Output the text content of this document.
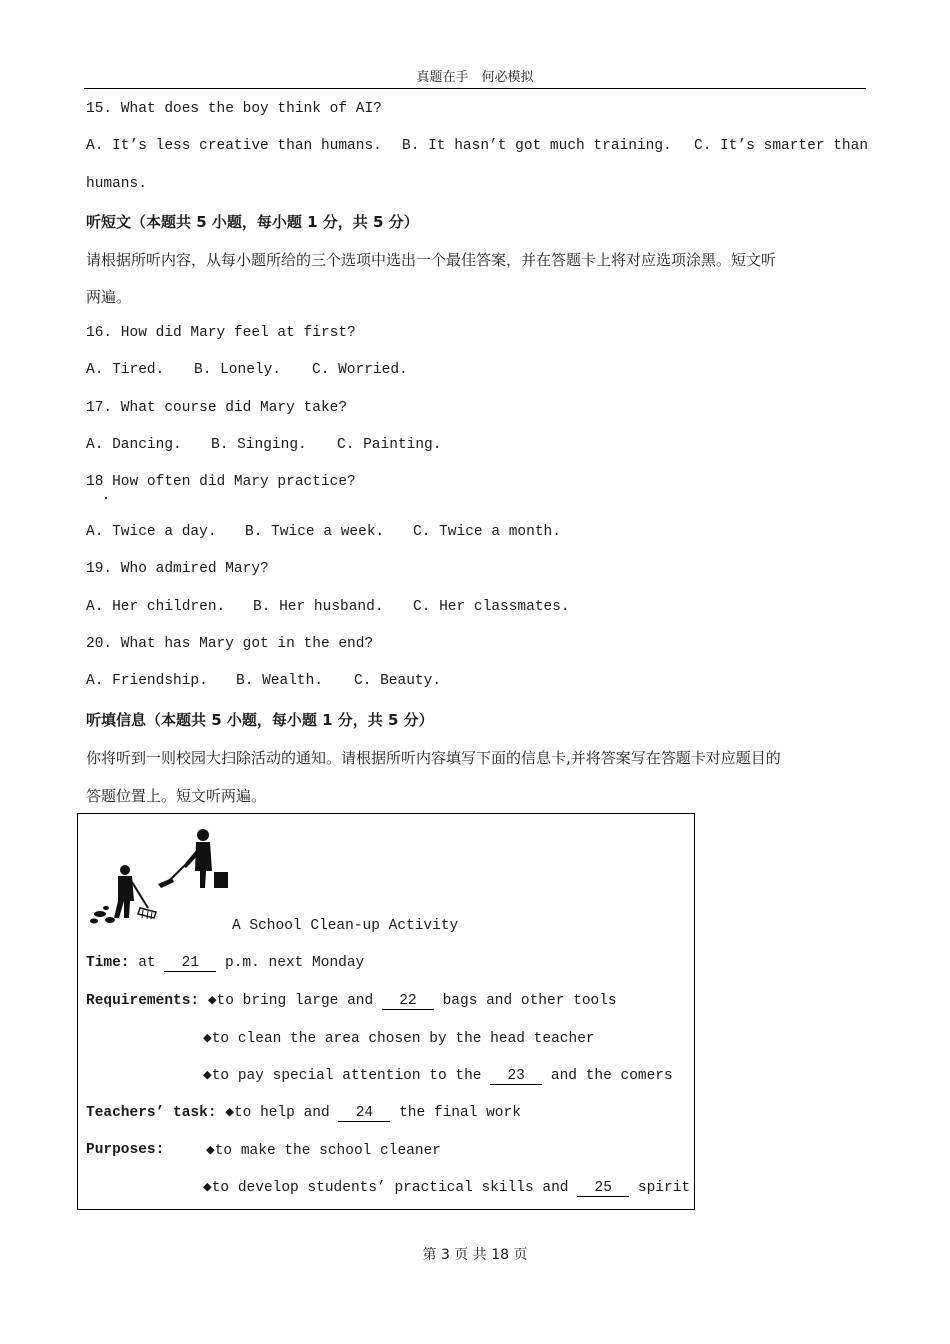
真题在手　何必模拟
15. What does the boy think of AI?
A. It’s less creative than humans. B. It hasn’t got much training. C. It’s smarter than
humans.
听短文（本题共 5 小题，每小题 1 分，共 5 分）
请根据所听内容，从每小题所给的三个选项中选出一个最佳答案，并在答题卡上将对应选项涂黑。短文听
两遍。
16. How did Mary feel at first?
A. Tired. B. Lonely. C. Worried.
17. What course did Mary take?
A. Dancing. B. Singing. C. Painting.
18 How often did Mary practice?
A. Twice a day. B. Twice a week. C. Twice a month.
19. Who admired Mary?
A. Her children. B. Her husband. C. Her classmates.
20. What has Mary got in the end?
A. Friendship. B. Wealth. C. Beauty.
听填信息（本题共 5 小题，每小题 1 分，共 5 分）
你将听到一则校园大扫除活动的通知。请根据所听内容填写下面的信息卡,并将答案写在答题卡对应题目的
答题位置上。短文听两遍。
A School Clean-up Activity
Time: at 21 p.m. next Monday
Requirements: ◆to bring large and 22 bags and other tools
◆to clean the area chosen by the head teacher
◆to pay special attention to the 23 and the comers
Teachers’ task: ◆to help and 24 the final work
Purposes:	◆to make the school cleaner
◆to develop students’ practical skills and 25 spirit
第 3 页 共 18 页
